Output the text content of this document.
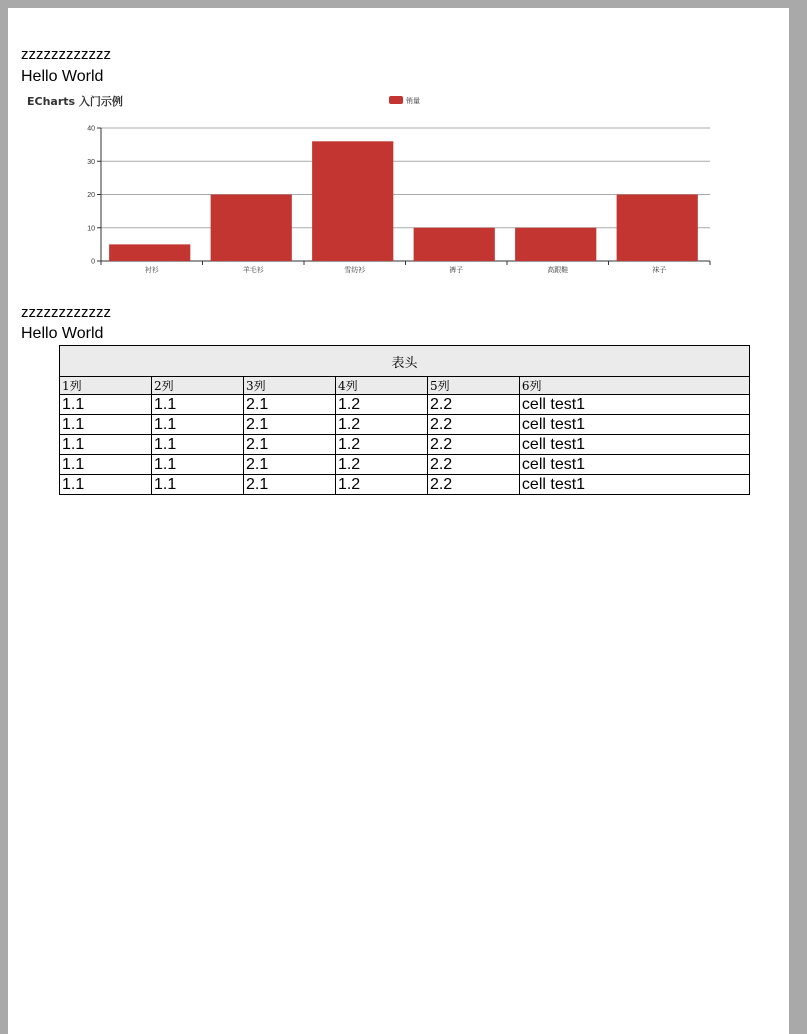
zzzzzzzzzzzz
Hello World
zzzzzzzzzzzz
Hello World
ECharts 入门示例	销量
0
10
20
30
40
衬衫	羊毛衫	雪纺衫	裤子	高跟鞋	袜子
表头					
1列	2列	3列	4列	5列	6列
1.1	1.1	2.1	1.2	2.2	cell test1
1.1	1.1	2.1	1.2	2.2	cell test1
1.1	1.1	2.1	1.2	2.2	cell test1
1.1	1.1	2.1	1.2	2.2	cell test1
1.1	1.1	2.1	1.2	2.2	cell test1
